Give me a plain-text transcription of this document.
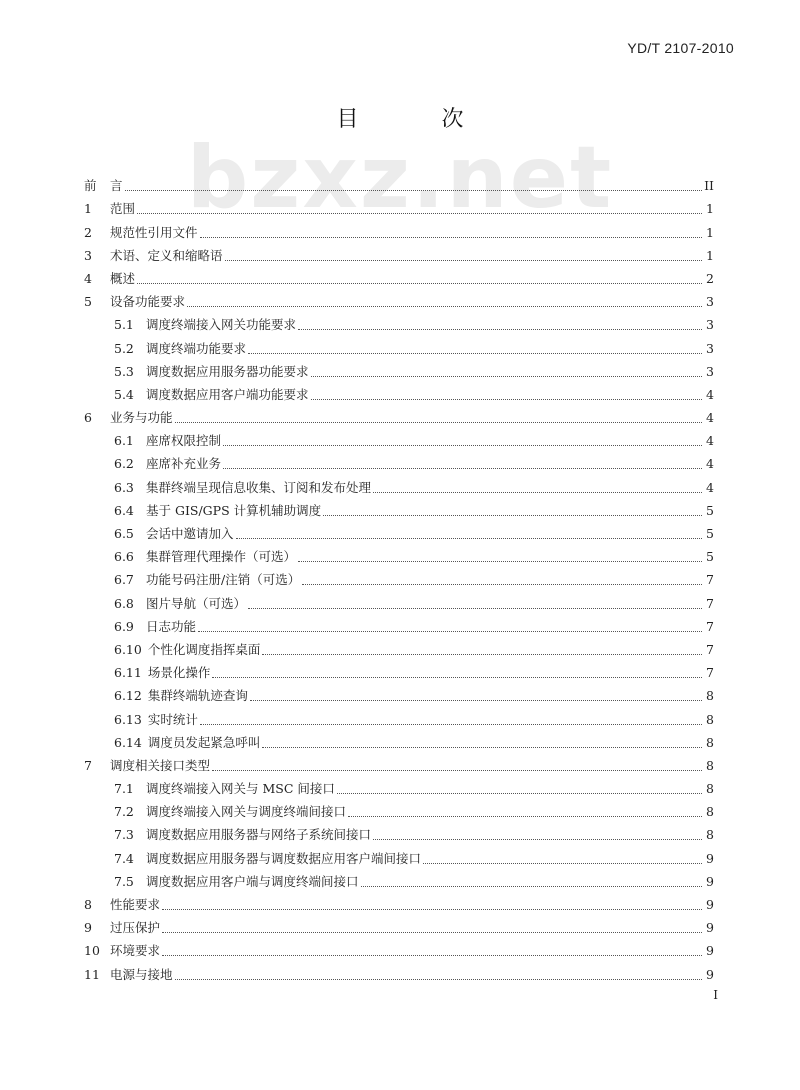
YD/T 2107-2010
bzxz.net
目 次
前	言	II
1	范围	1
2	规范性引用文件	1
3	术语、定义和缩略语	1
4	概述	2
5	设备功能要求	3
5.1 调度终端接入网关功能要求	3
5.2 调度终端功能要求	3
5.3 调度数据应用服务器功能要求	3
5.4 调度数据应用客户端功能要求	4
6	业务与功能	4
6.1 座席权限控制	4
6.2 座席补充业务	4
6.3 集群终端呈现信息收集、订阅和发布处理	4
6.4 基于 GIS/GPS 计算机辅助调度	5
6.5 会话中邀请加入	5
6.6 集群管理代理操作（可选）	5
6.7 功能号码注册/注销（可选）	7
6.8 图片导航（可选）	7
6.9 日志功能	7
6.10 个性化调度指挥桌面	7
6.11 场景化操作	7
6.12 集群终端轨迹查询	8
6.13 实时统计	8
6.14 调度员发起紧急呼叫	8
7	调度相关接口类型	8
7.1 调度终端接入网关与 MSC 间接口	8
7.2 调度终端接入网关与调度终端间接口	8
7.3 调度数据应用服务器与网络子系统间接口	8
7.4 调度数据应用服务器与调度数据应用客户端间接口	9
7.5 调度数据应用客户端与调度终端间接口	9
8	性能要求	9
9	过压保护	9
10 环境要求	9
11 电源与接地	9
I
